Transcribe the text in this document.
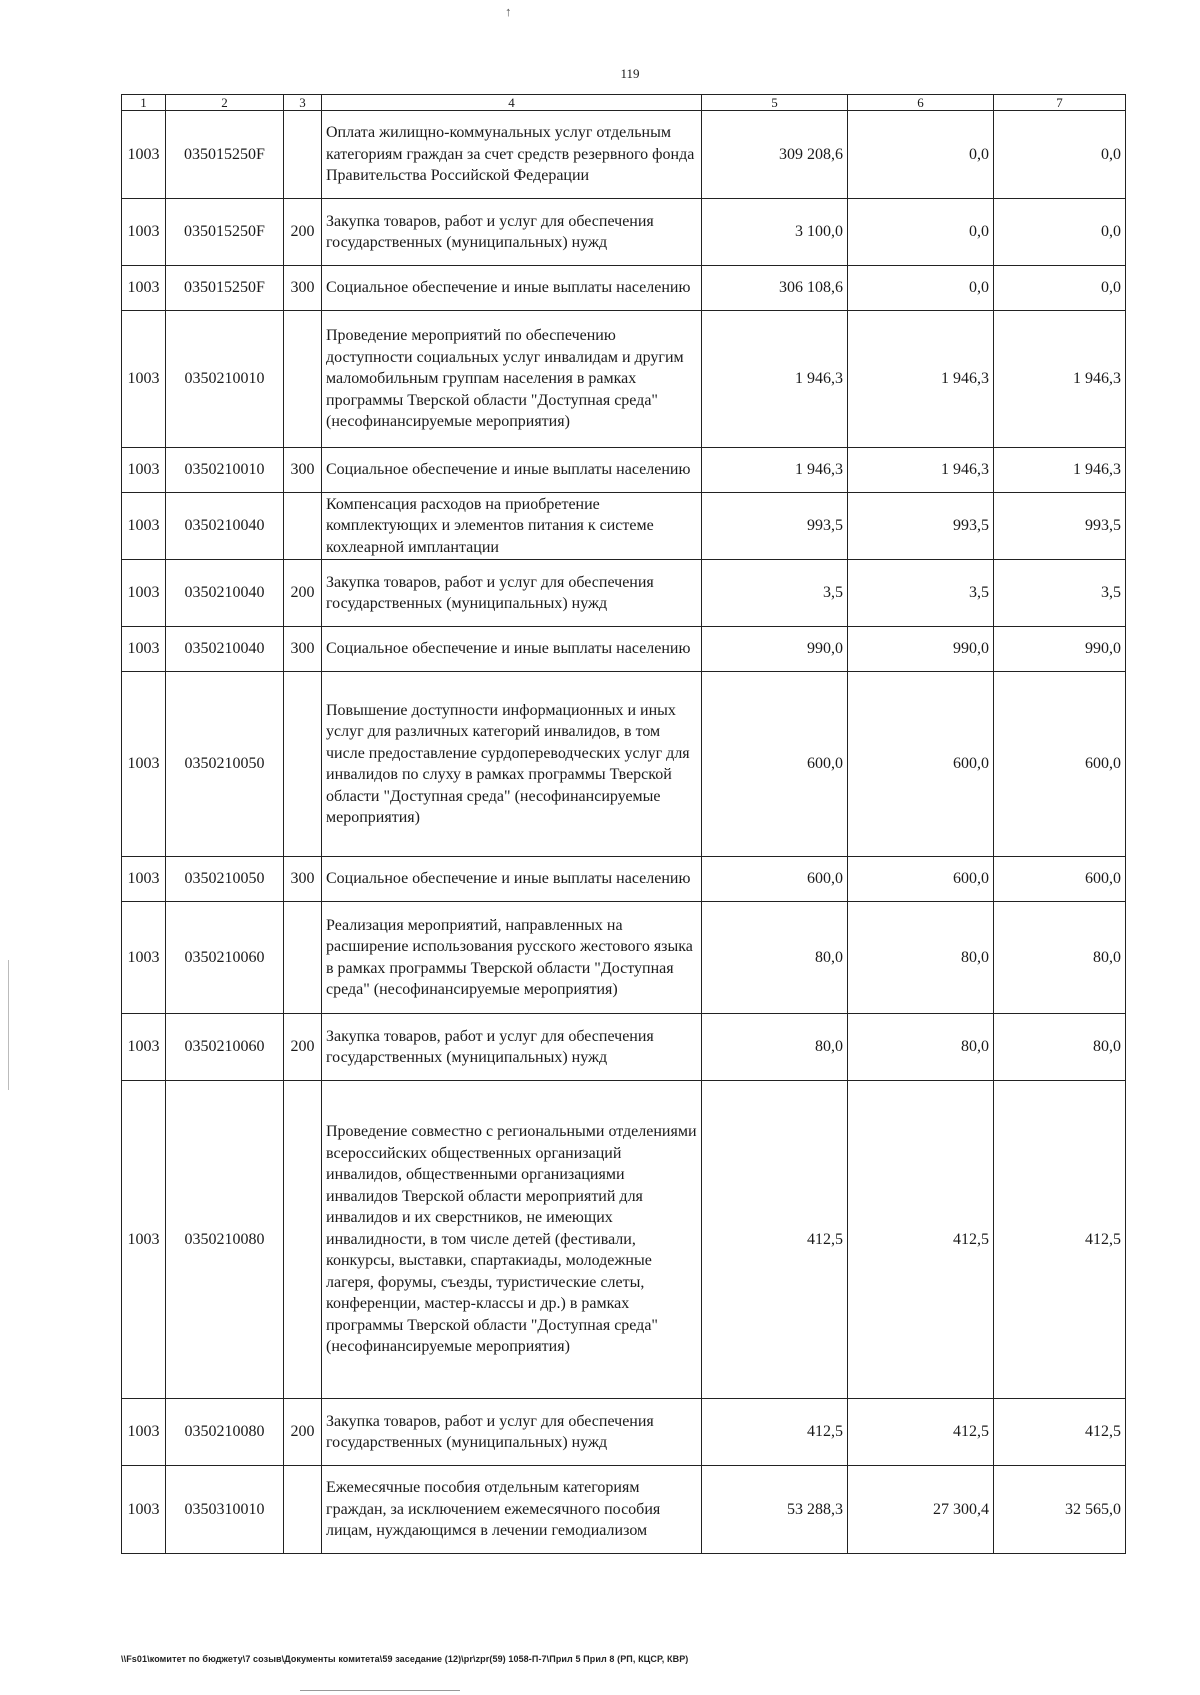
↑
119
1	2	3	4	5	6	7
1003	035015250F		Оплата жилищно-коммунальных услуг отдельным категориям граждан за счет средств резервного фонда Правительства Российской Федерации	309 208,6	0,0	0,0
1003	035015250F	200	Закупка товаров, работ и услуг для обеспечения государственных (муниципальных) нужд	3 100,0	0,0	0,0
1003	035015250F	300	Социальное обеспечение и иные выплаты населению	306 108,6	0,0	0,0
1003	0350210010		Проведение мероприятий по обеспечению доступности социальных услуг инвалидам и другим маломобильным группам населения в рамках программы Тверской области "Доступная среда" (несофинансируемые мероприятия)	1 946,3	1 946,3	1 946,3
1003	0350210010	300	Социальное обеспечение и иные выплаты населению	1 946,3	1 946,3	1 946,3
1003	0350210040		Компенсация расходов на приобретение комплектующих и элементов питания к системе кохлеарной имплантации	993,5	993,5	993,5
1003	0350210040	200	Закупка товаров, работ и услуг для обеспечения государственных (муниципальных) нужд	3,5	3,5	3,5
1003	0350210040	300	Социальное обеспечение и иные выплаты населению	990,0	990,0	990,0
1003	0350210050		Повышение доступности информационных и иных услуг для различных категорий инвалидов, в том числе предоставление сурдопереводческих услуг для инвалидов по слуху в рамках программы Тверской области "Доступная среда" (несофинансируемые мероприятия)	600,0	600,0	600,0
1003	0350210050	300	Социальное обеспечение и иные выплаты населению	600,0	600,0	600,0
1003	0350210060		Реализация мероприятий, направленных на расширение использования русского жестового языка в рамках программы Тверской области "Доступная среда" (несофинансируемые мероприятия)	80,0	80,0	80,0
1003	0350210060	200	Закупка товаров, работ и услуг для обеспечения государственных (муниципальных) нужд	80,0	80,0	80,0
1003	0350210080		Проведение совместно с региональными отделениями всероссийских общественных организаций инвалидов, общественными организациями инвалидов Тверской области мероприятий для инвалидов и их сверстников, не имеющих инвалидности, в том числе детей (фестивали, конкурсы, выставки, спартакиады, молодежные лагеря, форумы, съезды, туристические слеты, конференции, мастер-классы и др.) в рамках программы Тверской области "Доступная среда" (несофинансируемые мероприятия)	412,5	412,5	412,5
1003	0350210080	200	Закупка товаров, работ и услуг для обеспечения государственных (муниципальных) нужд	412,5	412,5	412,5
1003	0350310010		Ежемесячные пособия отдельным категориям граждан, за исключением ежемесячного пособия лицам, нуждающимся в лечении гемодиализом	53 288,3	27 300,4	32 565,0
\\Fs01\комитет по бюджету\7 созыв\Документы комитета\59 заседание (12)\pr\zpr(59) 1058-П-7\Прил 5 Прил 8 (РП, КЦСР, КВР)
